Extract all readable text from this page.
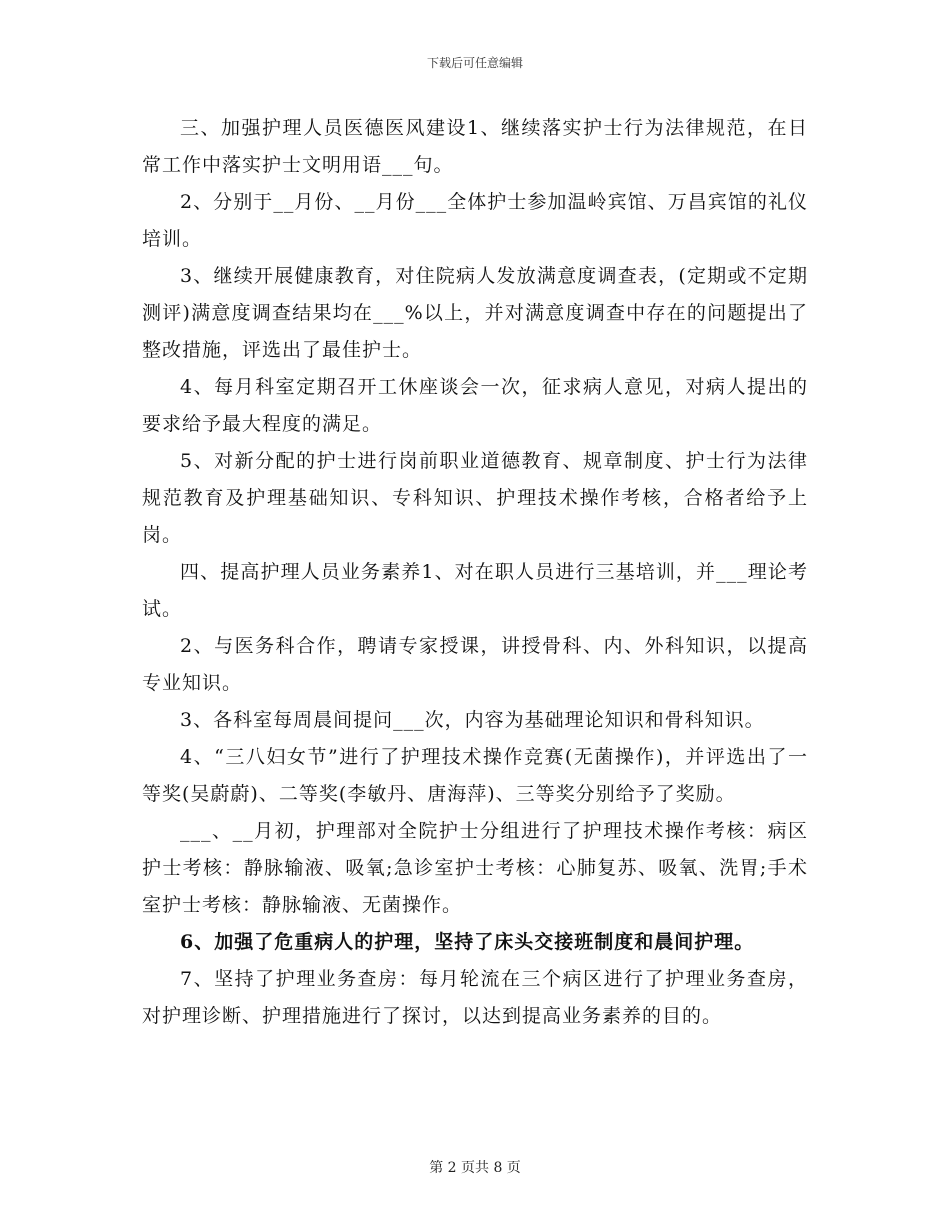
下载后可任意编辑

三、加强护理人员医德医风建设1、继续落实护士行为法律规范，在日常工作中落实护士文明用语___句。

2、分别于__月份、__月份___全体护士参加温岭宾馆、万昌宾馆的礼仪培训。

3、继续开展健康教育，对住院病人发放满意度调查表，(定期或不定期测评)满意度调查结果均在___%以上，并对满意度调查中存在的问题提出了整改措施，评选出了最佳护士。

4、每月科室定期召开工休座谈会一次，征求病人意见，对病人提出的要求给予最大程度的满足。

5、对新分配的护士进行岗前职业道德教育、规章制度、护士行为法律规范教育及护理基础知识、专科知识、护理技术操作考核，合格者给予上岗。

四、提高护理人员业务素养1、对在职人员进行三基培训，并___理论考试。

2、与医务科合作，聘请专家授课，讲授骨科、内、外科知识，以提高专业知识。

3、各科室每周晨间提问___次，内容为基础理论知识和骨科知识。

4、“三八妇女节”进行了护理技术操作竞赛(无菌操作)，并评选出了一等奖(吴蔚蔚)、二等奖(李敏丹、唐海萍)、三等奖分别给予了奖励。

___、__月初，护理部对全院护士分组进行了护理技术操作考核：病区护士考核：静脉输液、吸氧;急诊室护士考核：心肺复苏、吸氧、洗胃;手术室护士考核：静脉输液、无菌操作。

6、加强了危重病人的护理，坚持了床头交接班制度和晨间护理。

7、坚持了护理业务查房：每月轮流在三个病区进行了护理业务查房，对护理诊断、护理措施进行了探讨，以达到提高业务素养的目的。

第 2 页共 8 页
